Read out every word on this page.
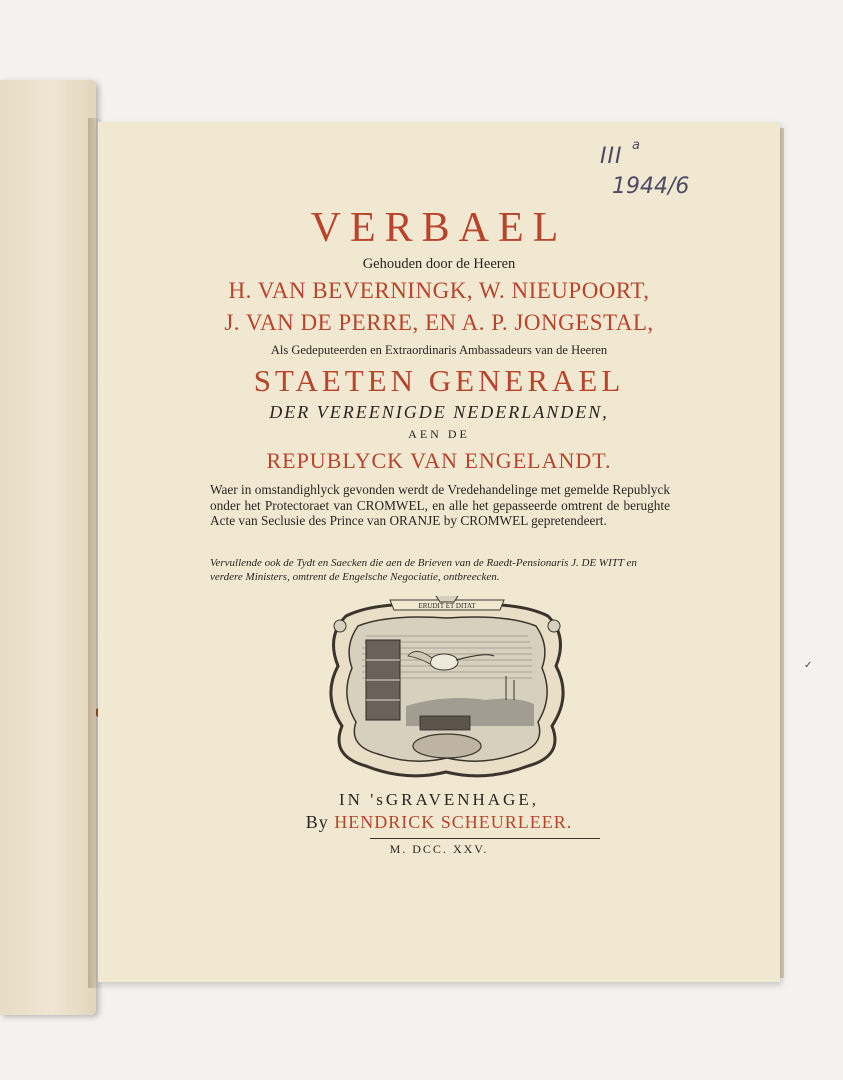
III a
1944/6
VERBAEL
Gehouden door de Heeren
H. VAN BEVERNINGK, W. NIEUPOORT,
J. VAN DE PERRE, EN A. P. JONGESTAL,
Als Gedeputeerden en Extraordinaris Ambassadeurs van de Heeren
STAETEN GENERAEL
DER VEREENIGDE NEDERLANDEN,
AEN DE
REPUBLYCK VAN ENGELANDT.
Waer in omstandighlyck gevonden werdt de Vredehandelinge met gemelde Republyck onder het Protectoraet van CROMWEL, en alle het gepasseerde omtrent de berughte Acte van Seclusie des Prince van ORANJE by CROMWEL gepretendeert.
Vervullende ook de Tydt en Saecken die aen de Brieven van de Raedt-Pensionaris J. DE WITT en verdere Ministers, omtrent de Engelsche Negociatie, ontbreecken.
ERUDIT ET DITAT
IN 'sGRAVENHAGE,
By HENDRICK SCHEURLEER.
M. DCC. XXV.
✓
